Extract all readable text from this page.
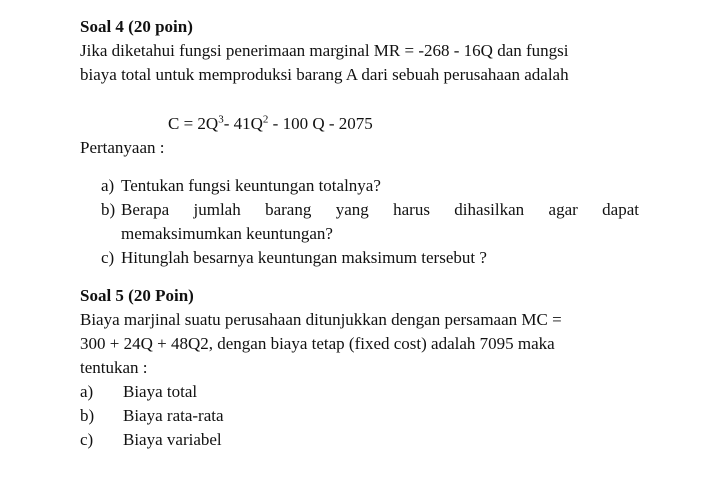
Soal 4 (20 poin)
Jika diketahui fungsi penerimaan marginal MR = -268 - 16Q dan fungsi
biaya total untuk memproduksi barang A dari sebuah perusahaan adalah
$C = 2Q^3-$ $41Q^2 - 100$ Q - 2075
Pertanyaan :
a) Tentukan fungsi keuntungan totalnya?
b) Berapa jumlah barang yang harus dihasilkan agar dapat
memaksimumkan keuntungan?
c) Hitunglah besarnya keuntungan maksimum tersebut ?
Soal 5 (20 Poin)
Biaya marjinal suatu perusahaan ditunjukkan dengan persamaan MC =
300 + 24Q + 48Q2, dengan biaya tetap (fixed cost) adalah 7095 maka
tentukan :
a) Biaya total
b) Biaya rata-rata
c) Biaya variabel
